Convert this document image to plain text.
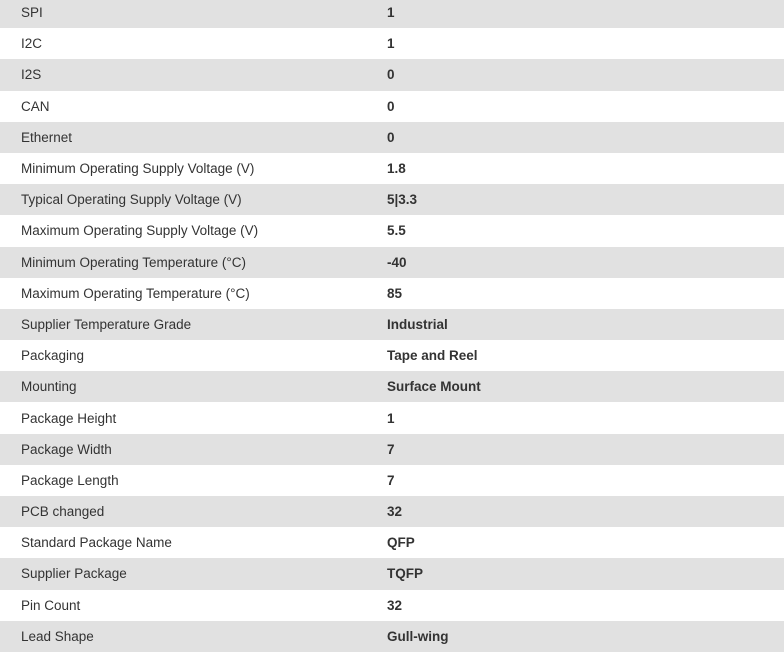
SPI	1
I2C	1
I2S	0
CAN	0
Ethernet	0
Minimum Operating Supply Voltage (V)	1.8
Typical Operating Supply Voltage (V)	5|3.3
Maximum Operating Supply Voltage (V)	5.5
Minimum Operating Temperature (°C)	-40
Maximum Operating Temperature (°C)	85
Supplier Temperature Grade	Industrial
Packaging	Tape and Reel
Mounting	Surface Mount
Package Height	1
Package Width	7
Package Length	7
PCB changed	32
Standard Package Name	QFP
Supplier Package	TQFP
Pin Count	32
Lead Shape	Gull-wing
